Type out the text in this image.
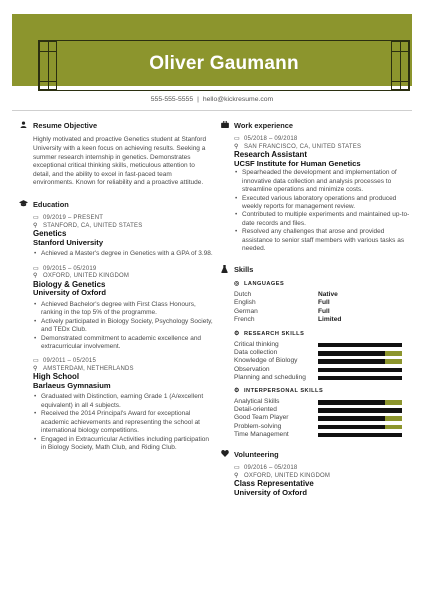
Oliver Gaumann
555-555-5555 | hello@kickresume.com
Resume Objective
Highly motivated and proactive Genetics student at Stanford University with a keen focus on achieving results. Seeking a summer research internship in genetics. Demonstrates exceptional critical thinking skills, meticulous attention to detail, and the ability to excel in fast-paced team environments. Known for reliability and a proactive attitude.
Education
▭ 09/2019 – PRESENT
⚲ STANFORD, CA, UNITED STATES
Genetics
Stanford University
• Achieved a Master's degree in Genetics with a GPA of 3.98.
▭ 09/2015 – 05/2019
⚲ OXFORD, UNITED KINGDOM
Biology & Genetics
University of Oxford
• Achieved Bachelor's degree with First Class Honours, ranking in the top 5% of the programme.
• Actively participated in Biology Society, Psychology Society, and TEDx Club.
• Demonstrated commitment to academic excellence and extracurricular involvement.
▭ 09/2011 – 05/2015
⚲ AMSTERDAM, NETHERLANDS
High School
Barlaeus Gymnasium
• Graduated with Distinction, earning Grade 1 (A/excellent equivalent) in all 4 subjects.
• Received the 2014 Principal's Award for exceptional academic achievements and representing the school at international biology competitions.
• Engaged in Extracurricular Activities including participation in Biology Society, Math Club, and Riding Club.
Work experience
▭ 05/2018 – 09/2018
⚲ SAN FRANCISCO, CA, UNITED STATES
Research Assistant
UCSF Institute for Human Genetics
• Spearheaded the development and implementation of innovative data collection and analysis processes to streamline operations and minimize costs.
• Executed various laboratory operations and produced weekly reports for management review.
• Contributed to multiple experiments and maintained up-to-date records and files.
• Resolved any challenges that arose and provided assistance to senior staff members with various tasks as needed.
Skills
◎ LANGUAGES
Dutch	Native
English	Full
German	Full
French	Limited
⚙ RESEARCH SKILLS
Critical thinking
Data collection
Knowledge of Biology
Observation
Planning and scheduling
⚙ INTERPERSONAL SKILLS
Analytical Skills
Detail-oriented
Good Team Player
Problem-solving
Time Management
Volunteering
▭ 09/2016 – 05/2018
⚲ OXFORD, UNITED KINGDOM
Class Representative
University of Oxford
